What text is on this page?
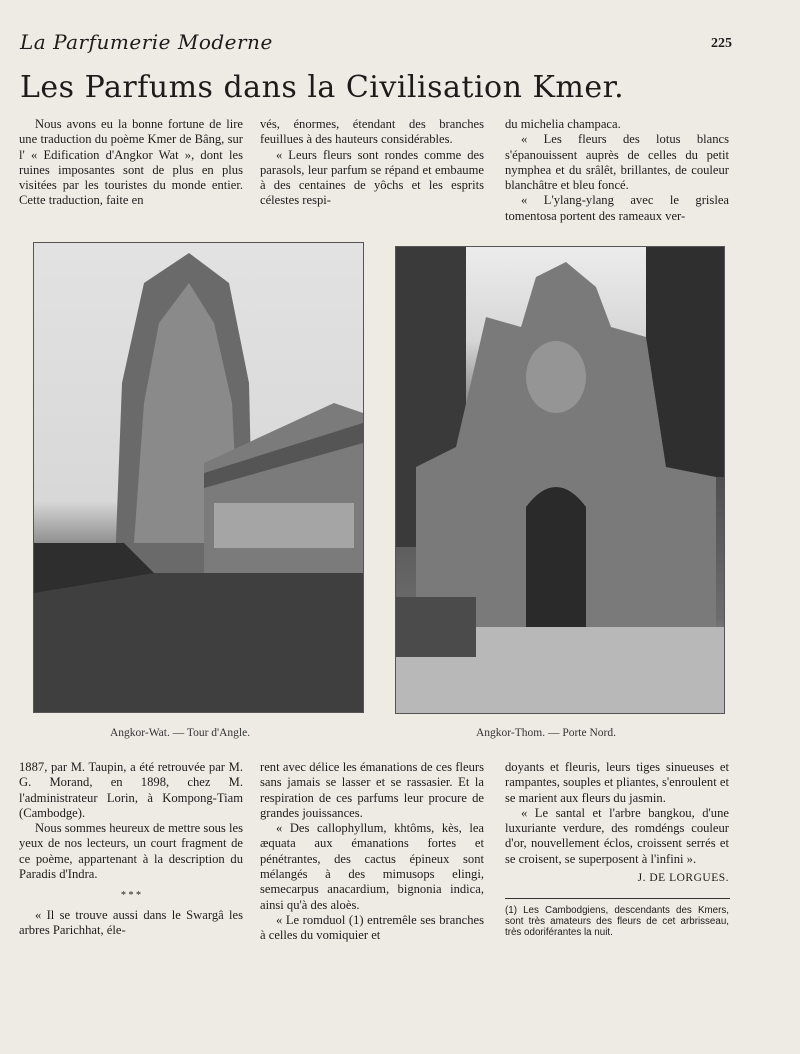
La Parfumerie Moderne	225
Les Parfums dans la Civilisation Kmer.

Nous avons eu la bonne fortune de lire une traduction du poème Kmer de Bâng, sur l' « Edification d'Angkor Wat », dont les ruines imposantes sont de plus en plus visitées par les touristes du monde entier. Cette traduction, faite en

vés, énormes, étendant des branches feuillues à des hauteurs considérables.

« Leurs fleurs sont rondes comme des parasols, leur parfum se répand et embaume à des centaines de yôchs et les esprits célestes respi-

du michelia champaca.

« Les fleurs des lotus blancs s'épanouissent auprès de celles du petit nymphea et du srâlêt, brillantes, de couleur blanchâtre et bleu foncé.

« L'ylang-ylang avec le grislea tomentosa portent des rameaux ver-

Angkor-Wat. — Tour d'Angle.	Angkor-Thom. — Porte Nord.

1887, par M. Taupin, a été retrouvée par M. G. Morand, en 1898, chez M. l'administrateur Lorin, à Kompong-Tiam (Cambodge).

Nous sommes heureux de mettre sous les yeux de nos lecteurs, un court fragment de ce poème, appartenant à la description du Paradis d'Indra.

* * *

« Il se trouve aussi dans le Swargâ les arbres Parichhat, éle-

rent avec délice les émanations de ces fleurs sans jamais se lasser et se rassasier. Et la respiration de ces parfums leur procure de grandes jouissances.

« Des callophyllum, khtôms, kès, lea æquata aux émanations fortes et pénétrantes, des cactus épineux sont mélangés à des mimusops elingi, semecarpus anacardium, bignonia indica, ainsi qu'à des aloès.

« Le romduol (1) entremêle ses branches à celles du vomiquier et

doyants et fleuris, leurs tiges sinueuses et rampantes, souples et pliantes, s'enroulent et se marient aux fleurs du jasmin.

« Le santal et l'arbre bangkou, d'une luxuriante verdure, des romdéngs couleur d'or, nouvellement éclos, croissent serrés et se croisent, se superposent à l'infini ».

J. DE LORGUES.
(1) Les Cambodgiens, descendants des Kmers, sont très amateurs des fleurs de cet arbrisseau, très odoriférantes la nuit.
